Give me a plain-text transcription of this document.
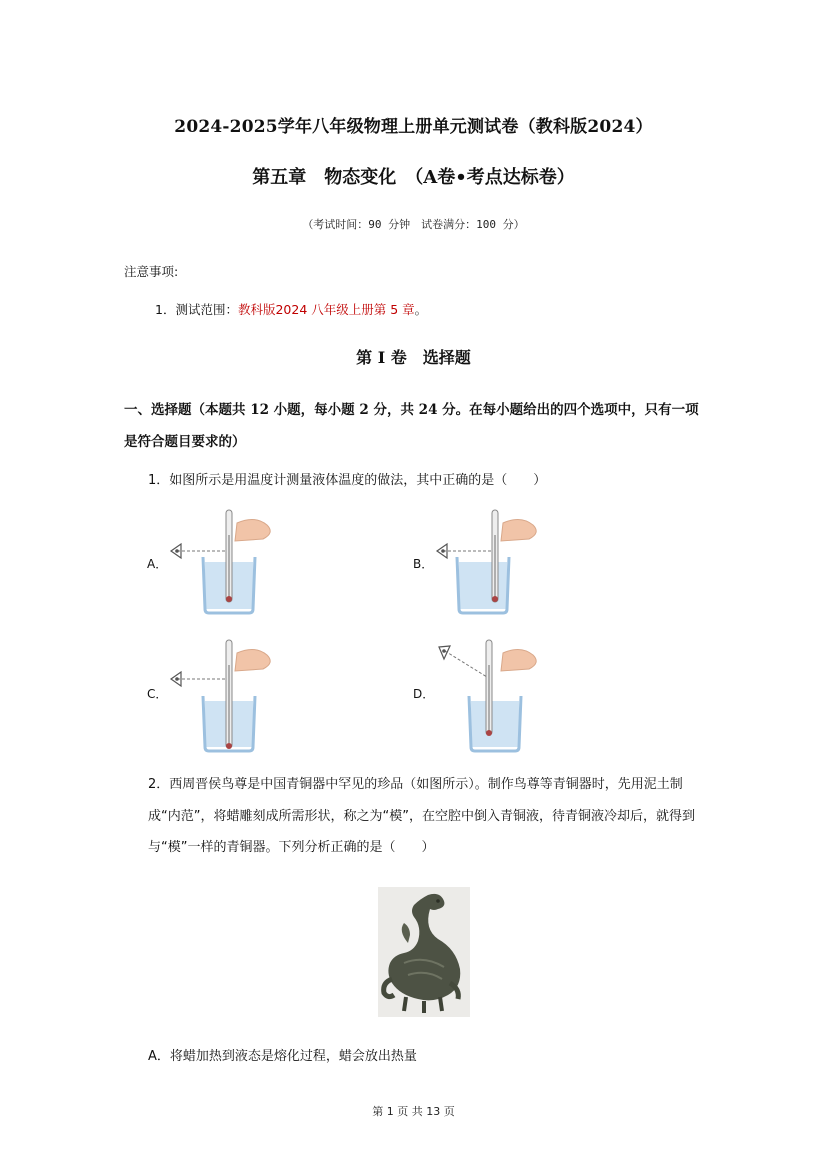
2024-2025学年八年级物理上册单元测试卷（教科版2024）
第五章　物态变化　（A卷•考点达标卷）
（考试时间：90 分钟　试卷满分：100 分）
注意事项:
1．测试范围：教科版2024 八年级上册第 5 章。
第 I 卷　选择题
一、选择题（本题共 12 小题，每小题 2 分，共 24 分。在每小题给出的四个选项中，只有一项是符合题目要求的）
1．如图所示是用温度计测量液体温度的做法，其中正确的是（　　）
A．	B．
C．	D．
2．西周晋侯鸟尊是中国青铜器中罕见的珍品（如图所示）。制作鸟尊等青铜器时，先用泥土制成“内范”，将蜡雕刻成所需形状，称之为“模”，在空腔中倒入青铜液，待青铜液冷却后，就得到与“模”一样的青铜器。下列分析正确的是（　　）
A．将蜡加热到液态是熔化过程，蜡会放出热量
第 1 页 共 13 页
